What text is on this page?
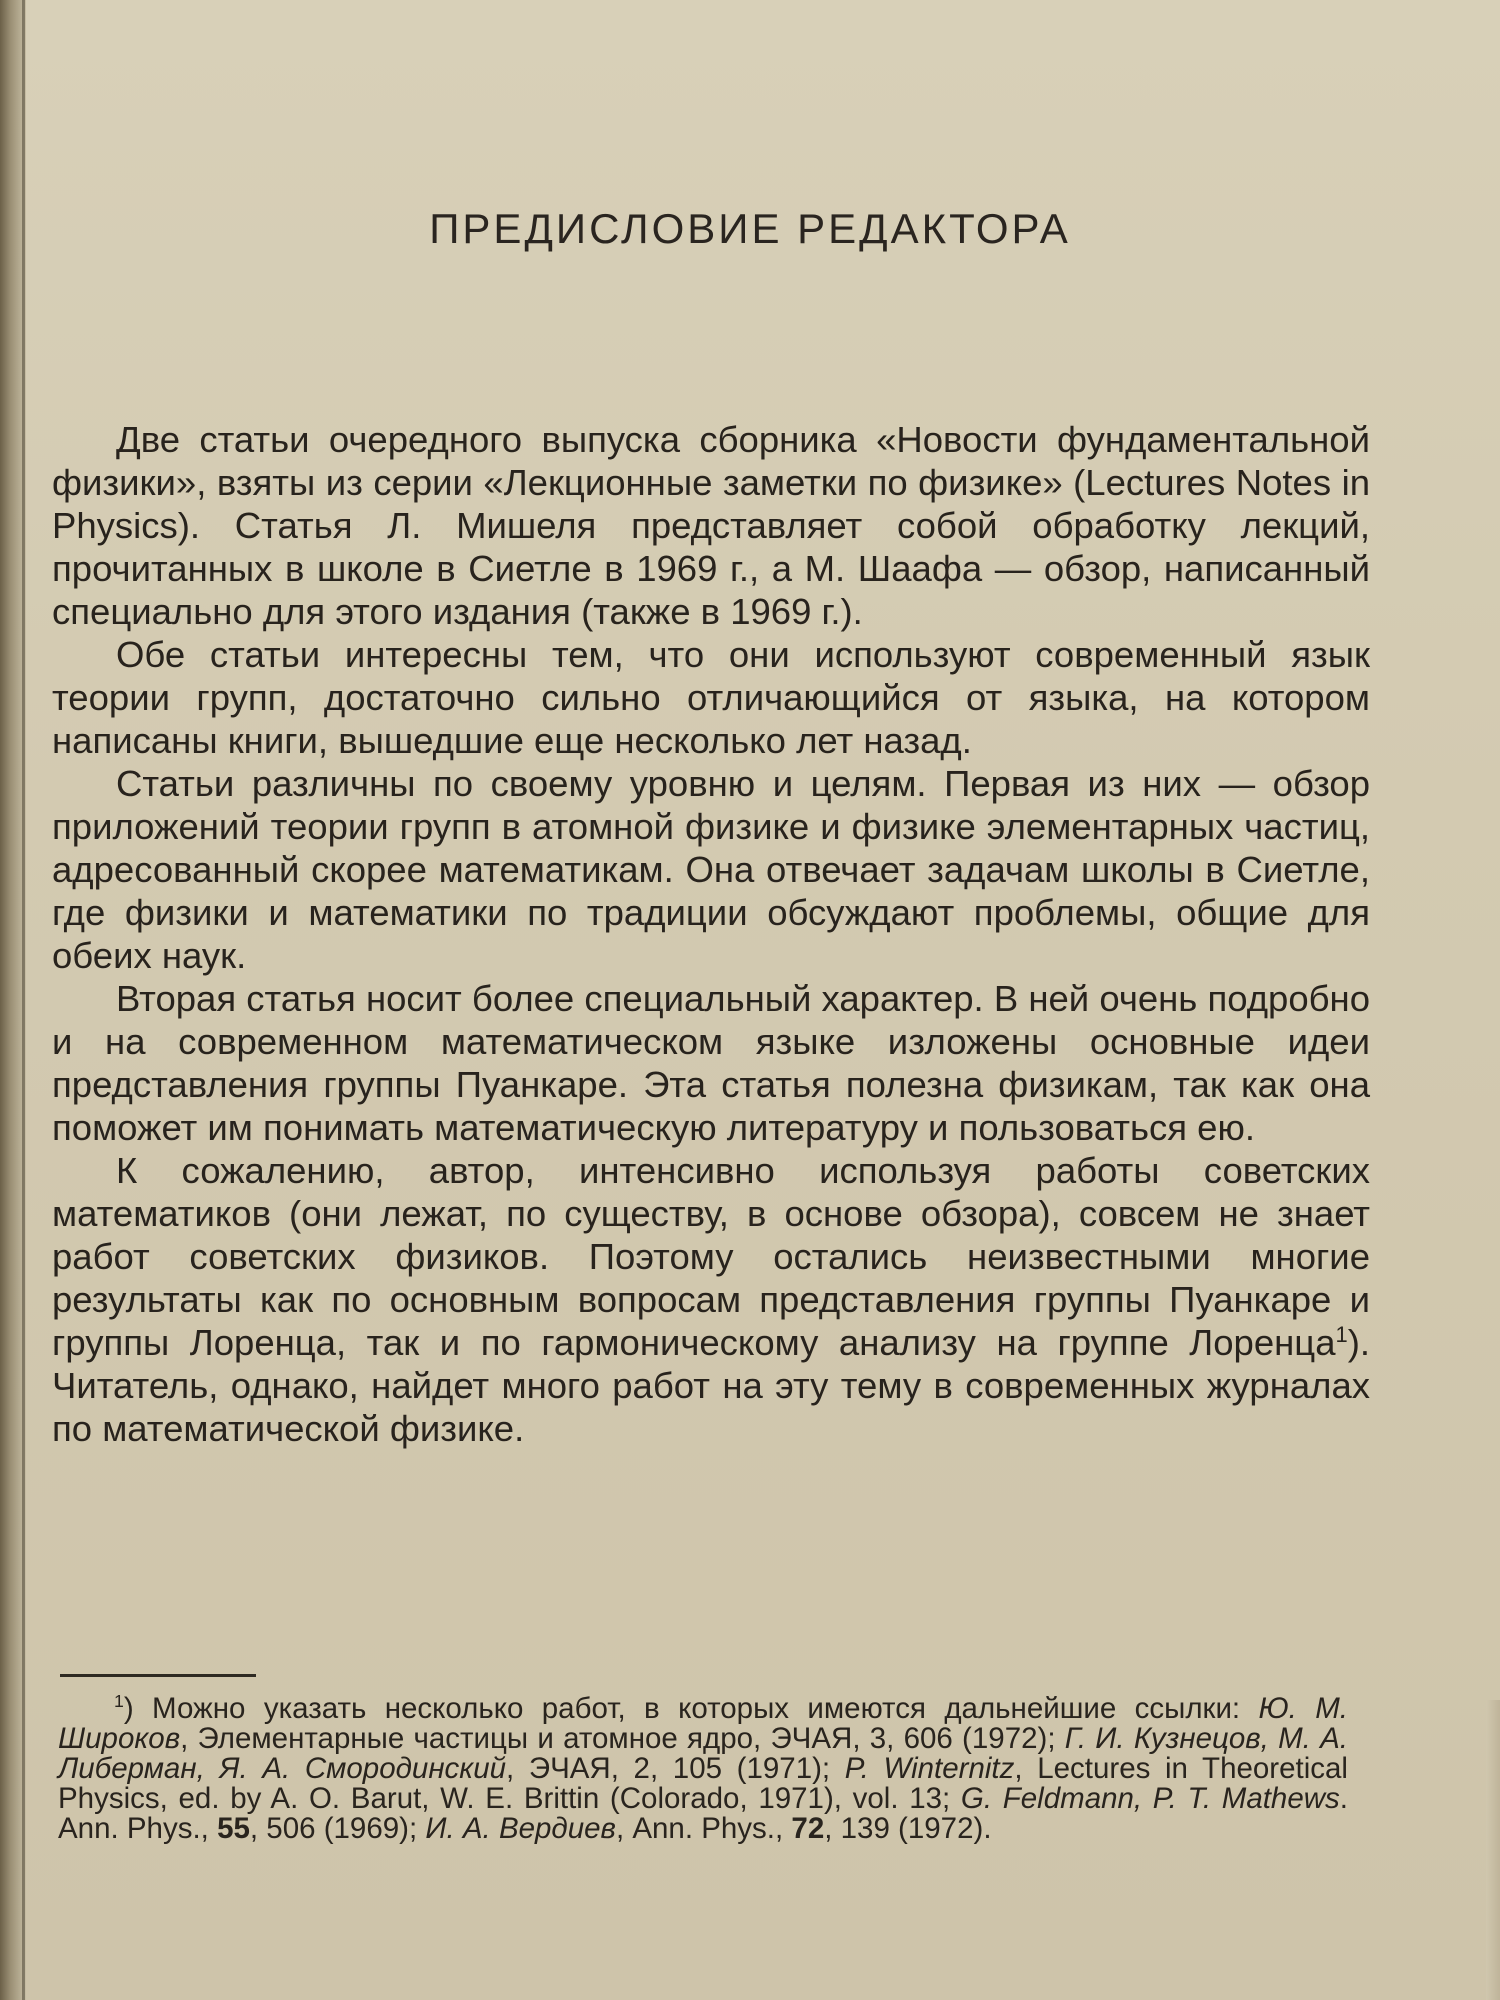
ПРЕДИСЛОВИЕ РЕДАКТОРА

Две статьи очередного выпуска сборника «Новости фундаментальной физики», взяты из серии «Лекционные заметки по физике» (Lectures Notes in Physics). Статья Л. Мишеля представляет собой обработку лекций, прочитанных в школе в Сиетле в 1969 г., а М. Шаафа — обзор, написанный специально для этого издания (также в 1969 г.).

Обе статьи интересны тем, что они используют современный язык теории групп, достаточно сильно отличающийся от языка, на котором написаны книги, вышедшие еще несколько лет назад.

Статьи различны по своему уровню и целям. Первая из них — обзор приложений теории групп в атомной физике и физике элементарных частиц, адресованный скорее математикам. Она отвечает задачам школы в Сиетле, где физики и математики по традиции обсуждают проблемы, общие для обеих наук.

Вторая статья носит более специальный характер. В ней очень подробно и на современном математическом языке изложены основные идеи представления группы Пуанкаре. Эта статья полезна физикам, так как она поможет им понимать математическую литературу и пользоваться ею.

К сожалению, автор, интенсивно используя работы советских математиков (они лежат, по существу, в основе обзора), совсем не знает работ советских физиков. Поэтому остались неизвестными многие результаты как по основным вопросам представления группы Пуанкаре и группы Лоренца, так и по гармоническому анализу на группе Лоренца$^1$). Читатель, однако, найдет много работ на эту тему в современных журналах по математической физике.

$^1$) Можно указать несколько работ, в которых имеются дальнейшие ссылки: Ю. М. Широков, Элементарные частицы и атомное ядро, ЭЧАЯ, 3, 606 (1972); Г. И. Кузнецов, М. А. Либерман, Я. А. Смородинский, ЭЧАЯ, 2, 105 (1971); P. Winternitz, Lectures in Theoretical Physics, ed. by A. O. Barut, W. E. Brittin (Colorado, 1971), vol. 13; G. Feldmann, P. T. Mathews. Ann. Phys., 55, 506 (1969); И. А. Вердиев, Ann. Phys., 72, 139 (1972).
